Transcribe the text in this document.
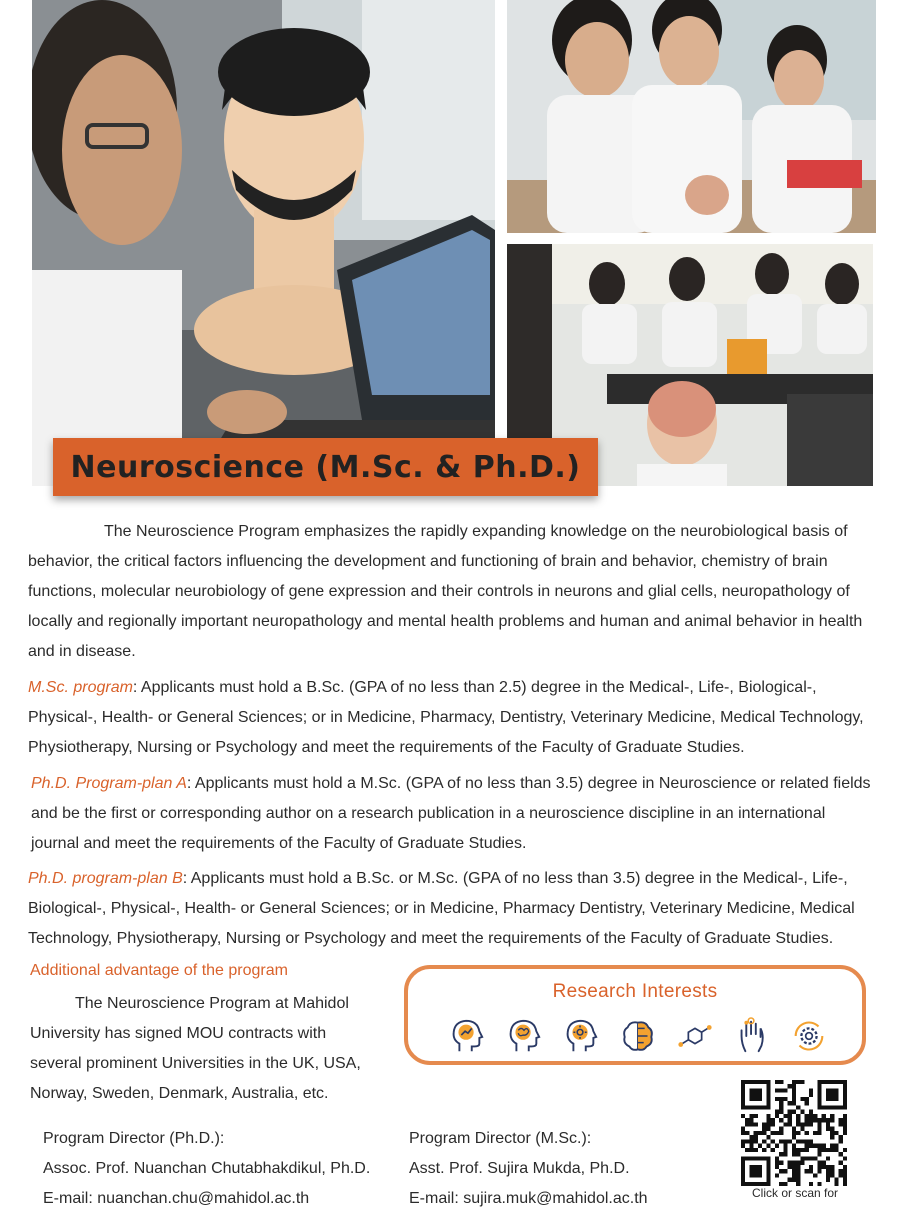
Neuroscience (M.Sc. & Ph.D.)

The Neuroscience Program emphasizes the rapidly expanding knowledge on the neurobiological basis of behavior, the critical factors influencing the development and functioning of brain and behavior, chemistry of brain functions, molecular neurobiology of gene expression and their controls in neurons and glial cells, neuropathology of locally and regionally important neuropathology and mental health problems and human and animal behavior in health and in disease.

M.Sc. program: Applicants must hold a B.Sc. (GPA of no less than 2.5) degree in the Medical-, Life-, Biological-, Physical-, Health- or General Sciences; or in Medicine, Pharmacy, Dentistry, Veterinary Medicine, Medical Technology, Physiotherapy, Nursing or Psychology and meet the requirements of the Faculty of Graduate Studies.

Ph.D. Program-plan A: Applicants must hold a M.Sc. (GPA of no less than 3.5) degree in Neuroscience or related fields and be the first or corresponding author on a research publication in a neuroscience discipline in an international journal and meet the requirements of the Faculty of Graduate Studies.

Ph.D. program-plan B: Applicants must hold a B.Sc. or M.Sc. (GPA of no less than 3.5) degree in the Medical-, Life-, Biological-, Physical-, Health- or General Sciences; or in Medicine, Pharmacy Dentistry, Veterinary Medicine, Medical Technology, Physiotherapy, Nursing or Psychology and meet the requirements of the Faculty of Graduate Studies.

Additional advantage of the program

The Neuroscience Program at Mahidol University has signed MOU contracts with several prominent Universities in the UK, USA, Norway, Sweden, Denmark, Australia, etc.

Research Interests
Program Director (Ph.D.):
Assoc. Prof. Nuanchan Chutabhakdikul, Ph.D.
E-mail: nuanchan.chu@mahidol.ac.th
Program Director (M.Sc.):
Asst. Prof. Sujira Mukda, Ph.D.
E-mail: sujira.muk@mahidol.ac.th	Click or scan for
